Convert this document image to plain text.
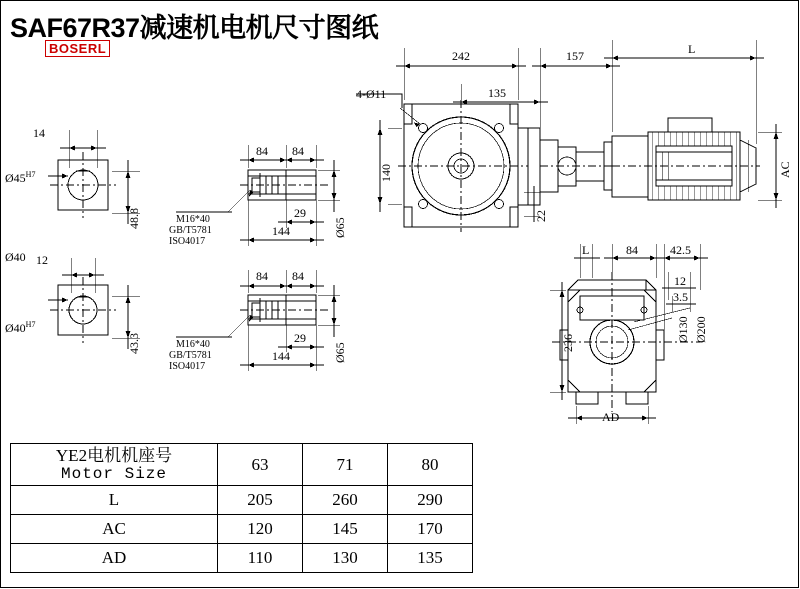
SAF67R37减速机电机尺寸图纸
BOSERL
14
$Ø45^{H7}$
48.8
Ø40 12
$Ø40^{H7}$
43.3
84 84
29
144	Ø65
M16*40
GB/T5781
ISO4017
84 84
29
144	Ø65
M16*40
GB/T5781
ISO4017
242
135
4-Ø11
140
22
157	L
AC
L	84	42.5
12
3.5
236	Ø130 Ø200
AD
YE2电机机座号
Motor Size	63	71	80
L	205	260	290
AC	120	145	170
AD	110	130	135
